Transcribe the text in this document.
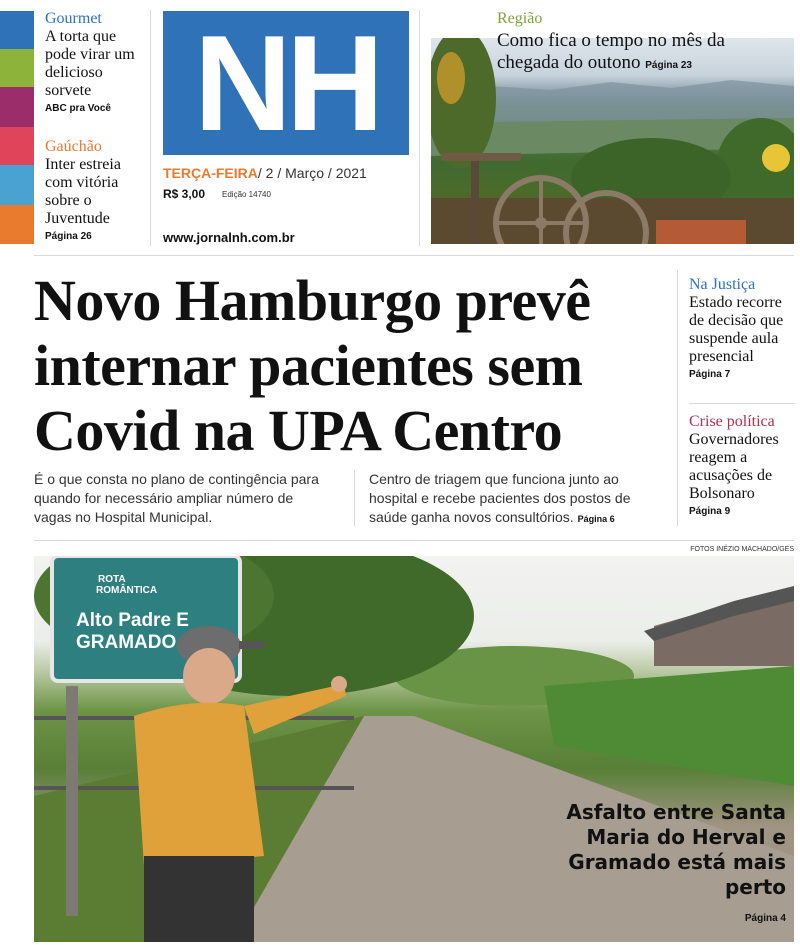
Gourmet

A torta que pode virar um delicioso sorvete

ABC pra Você

Gaúchão

Inter estreia com vitória sobre o Juventude

Página 26
NH
TERÇA-FEIRA/ 2 / Março / 2021
R$ 3,00 Edição 14740
www.jornalnh.com.br
Região
Como fica o tempo no mês da chegada do outono Página 23
Novo Hamburgo prevê internar pacientes sem Covid na UPA Centro
É o que consta no plano de contingência para quando for necessário ampliar número de vagas no Hospital Municipal.
Centro de triagem que funciona junto ao hospital e recebe pacientes dos postos de saúde ganha novos consultórios. Página 6
Na Justiça
Estado recorre de decisão que suspende aula presencial
Página 7
Crise política
Governadores reagem a acusações de Bolsonaro
Página 9
FOTOS INÉZIO MACHADO/GES
ROTA
ROMÂNTICA
Alto Padre E
GRAMADO
Asfalto entre Santa Maria do Herval e Gramado está mais perto
Página 4
